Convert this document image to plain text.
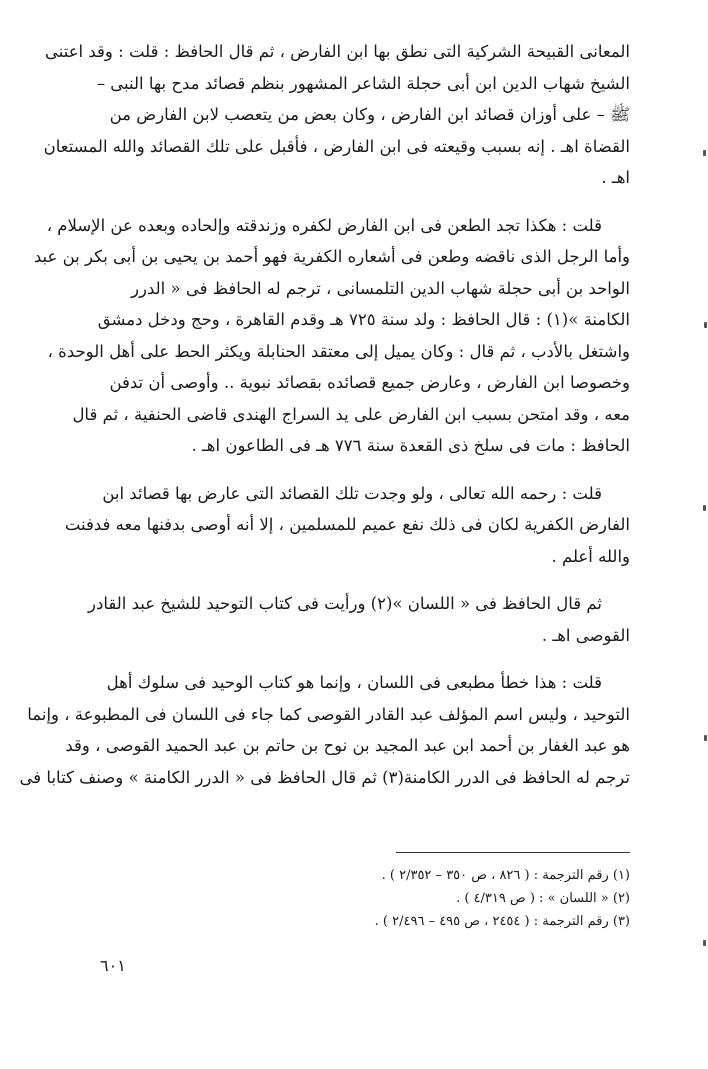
المعانى القبيحة الشركية التى نطق بها ابن الفارض ، ثم قال الحافظ : قلت : وقد اعتنى
الشيخ شهاب الدين ابن أبى حجلة الشاعر المشهور بنظم قصائد مدح بها النبى –
ﷺ – على أوزان قصائد ابن الفارض ، وكان بعض من يتعصب لابن الفارض من
القضاة اهـ . إنه بسبب وقيعته فى ابن الفارض ، فأقبل على تلك القصائد والله المستعان
اهـ .

قلت : هكذا تجد الطعن فى ابن الفارض لكفره وزندقته وإلحاده وبعده عن الإسلام ،
وأما الرجل الذى ناقضه وطعن فى أشعاره الكفرية فهو أحمد بن يحيى بن أبى بكر بن عبد
الواحد بن أبى حجلة شهاب الدين التلمسانى ، ترجم له الحافظ فى « الدرر
الكامنة »(١) : قال الحافظ : ولد سنة ٧٢٥ هـ وقدم القاهرة ، وحج ودخل دمشق
واشتغل بالأدب ، ثم قال : وكان يميل إلى معتقد الحنابلة ويكثر الحط على أهل الوحدة ،
وخصوصا ابن الفارض ، وعارض جميع قصائده بقصائد نبوية .. وأوصى أن تدفن
معه ، وقد امتحن بسبب ابن الفارض على يد السراج الهندى قاضى الحنفية ، ثم قال
الحافظ : مات فى سلخ ذى القعدة سنة ٧٧٦ هـ فى الطاعون اهـ .

قلت : رحمه الله تعالى ، ولو وجدت تلك القصائد التى عارض بها قصائد ابن
الفارض الكفرية لكان فى ذلك نفع عميم للمسلمين ، إلا أنه أوصى بدفنها معه فدفنت
والله أعلم .

ثم قال الحافظ فى « اللسان »(٢) ورأيت فى كتاب التوحيد للشيخ عبد القادر
القوصى اهـ .

قلت : هذا خطأ مطبعى فى اللسان ، وإنما هو كتاب الوحيد فى سلوك أهل
التوحيد ، وليس اسم المؤلف عبد القادر القوصى كما جاء فى اللسان فى المطبوعة ، وإنما
هو عبد الغفار بن أحمد ابن عبد المجيد بن نوح بن حاتم بن عبد الحميد القوصى ، وقد
ترجم له الحافظ فى الدرر الكامنة(٣) ثم قال الحافظ فى « الدرر الكامنة » وصنف كتابا فى

(١) رقم الترجمة : ( ٨٢٦ ، ص ٣٥٠ – ٢/٣٥٢ ) .
(٢) « اللسان » : ( ص ٤/٣١٩ ) .
(٣) رقم الترجمة : ( ٢٤٥٤ ، ص ٤٩٥ – ٢/٤٩٦ ) .
٦٠١
